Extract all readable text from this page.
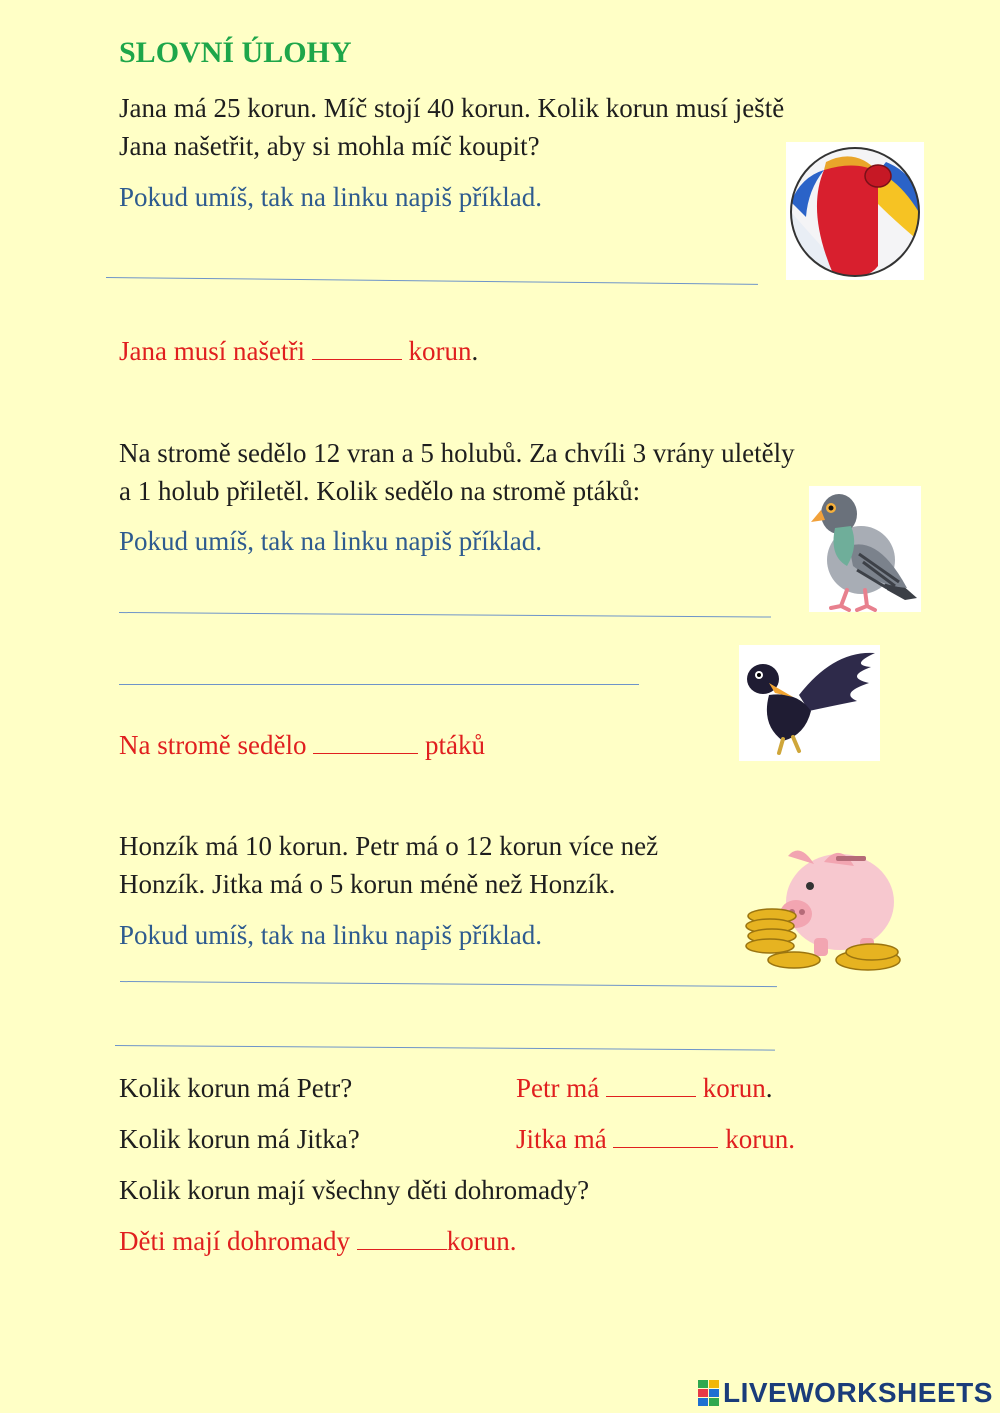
SLOVNÍ ÚLOHY

Jana má 25 korun. Míč stojí 40 korun. Kolik korun musí ještě

Jana našetřit, aby si mohla míč koupit?

Pokud umíš, tak na linku napiš příklad.

Jana musí našetři	korun.

Na stromě sedělo 12 vran a 5 holubů. Za chvíli 3 vrány uletěly

a 1 holub přiletěl. Kolik sedělo na stromě ptáků:

Pokud umíš, tak na linku napiš příklad.

Na stromě sedělo	ptáků

Honzík má 10 korun. Petr má o 12 korun více než

Honzík. Jitka má o 5 korun méně než Honzík.

Pokud umíš, tak na linku napiš příklad.

Kolik korun má Petr?	Petr má	korun.

Kolik korun má Jitka?	Jitka má	korun.

Kolik korun mají všechny děti dohromady?

Děti mají dohromady	korun.

LIVEWORKSHEETS
